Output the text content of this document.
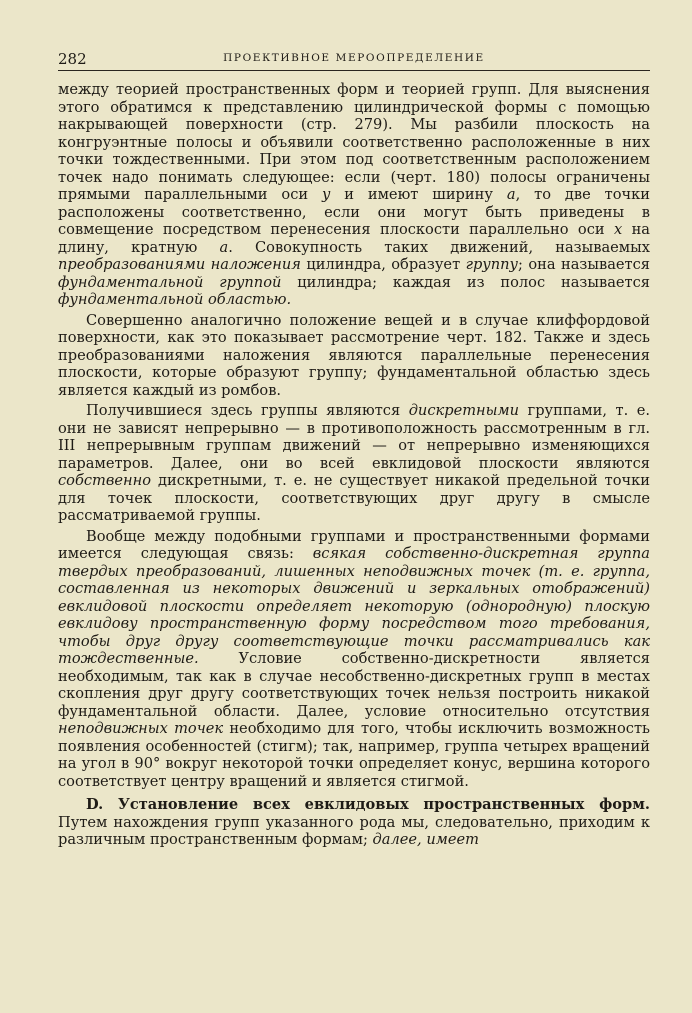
282	ПРОЕКТИВНОЕ МЕРООПРЕДЕЛЕНИЕ

между теорией пространственных форм и теорией групп. Для выяснения этого обратимся к представлению цилиндрической формы с помощью накрывающей поверхности (стр. 279). Мы разбили плоскость на конгруэнтные полосы и объявили соответственно расположенные в них точки тождественными. При этом под соответственным расположением точек надо понимать следующее: если (черт. 180) полосы ограничены прямыми параллельными оси y и имеют ширину a, то две точки расположены соответственно, если они могут быть приведены в совмещение посредством перенесения плоскости параллельно оси x на длину, кратную a. Совокупность таких движений, называемых преобразованиями наложения цилиндра, образует группу; она называется фундаментальной группой цилиндра; каждая из полос называется фундаментальной областью.

Совершенно аналогично положение вещей и в случае клиффордовой поверхности, как это показывает рассмотрение черт. 182. Также и здесь преобразованиями наложения являются параллельные перенесения плоскости, которые образуют группу; фундаментальной областью здесь является каждый из ромбов.

Получившиеся здесь группы являются дискретными группами, т. е. они не зависят непрерывно — в противоположность рассмотренным в гл. III непрерывным группам движений — от непрерывно изменяющихся параметров. Далее, они во всей евклидовой плоскости являются собственно дискретными, т. е. не существует никакой предельной точки для точек плоскости, соответствующих друг другу в смысле рассматриваемой группы.

Вообще между подобными группами и пространственными формами имеется следующая связь: всякая собственно-дискретная группа твердых преобразований, лишенных неподвижных точек (т. е. группа, составленная из некоторых движений и зеркальных отображений) евклидовой плоскости определяет некоторую (однородную) плоскую евклидову пространственную форму посредством того требования, чтобы друг другу соответствующие точки рассматривались как тождественные. Условие собственно-дискретности является необходимым, так как в случае несобственно-дискретных групп в местах скопления друг другу соответствующих точек нельзя построить никакой фундаментальной области. Далее, условие относительно отсутствия неподвижных точек необходимо для того, чтобы исключить возможность появления особенностей (стигм); так, например, группа четырех вращений на угол в 90° вокруг некоторой точки определяет конус, вершина которого соответствует центру вращений и является стигмой.

D. Установление всех евклидовых пространственных форм. Путем нахождения групп указанного рода мы, следовательно, приходим к различным пространственным формам; далее, имеет
